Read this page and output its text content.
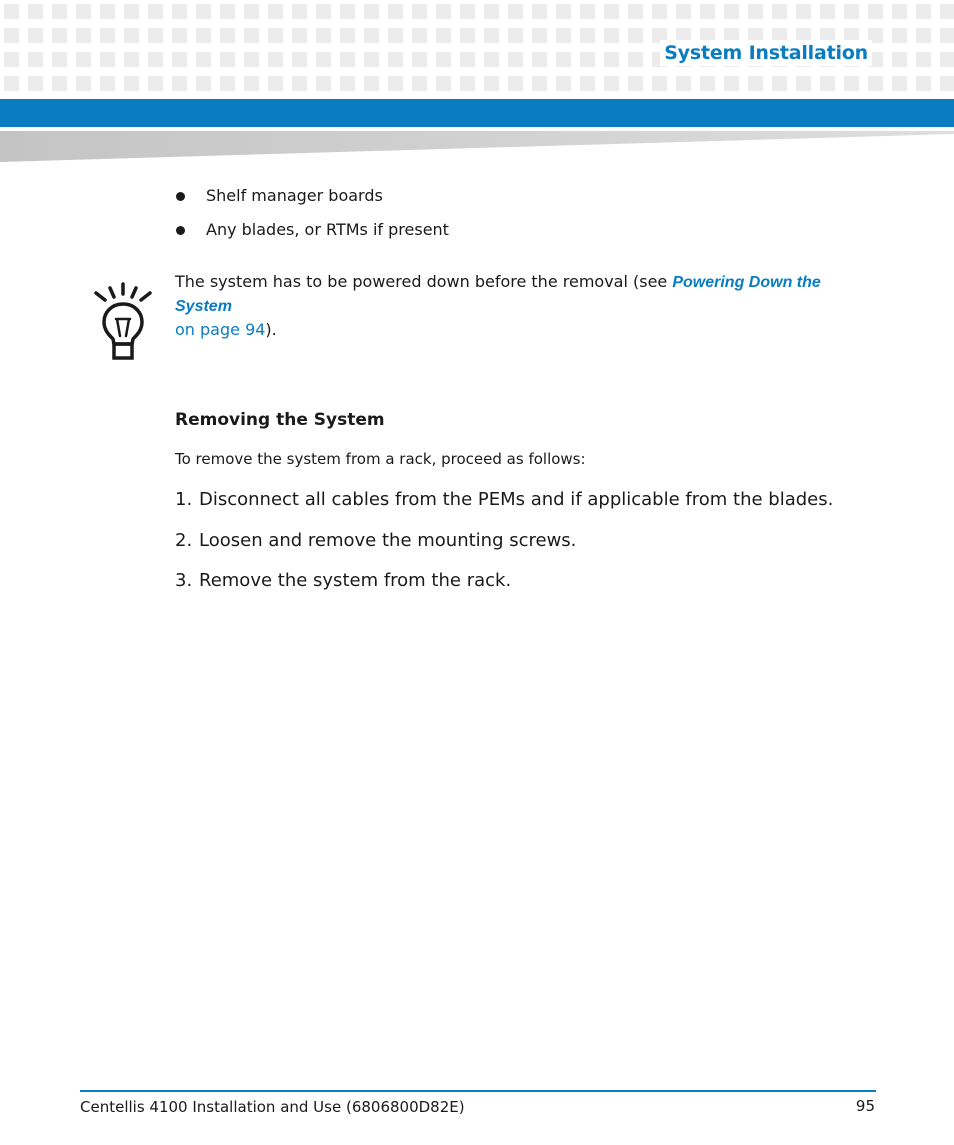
System Installation
Shelf manager boards
Any blades, or RTMs if present
The system has to be powered down before the removal (see Powering Down the System
on page 94).
Removing the System
To remove the system from a rack, proceed as follows:
1. Disconnect all cables from the PEMs and if applicable from the blades.
2. Loosen and remove the mounting screws.
3. Remove the system from the rack.
Centellis 4100 Installation and Use (6806800D82E)	95
